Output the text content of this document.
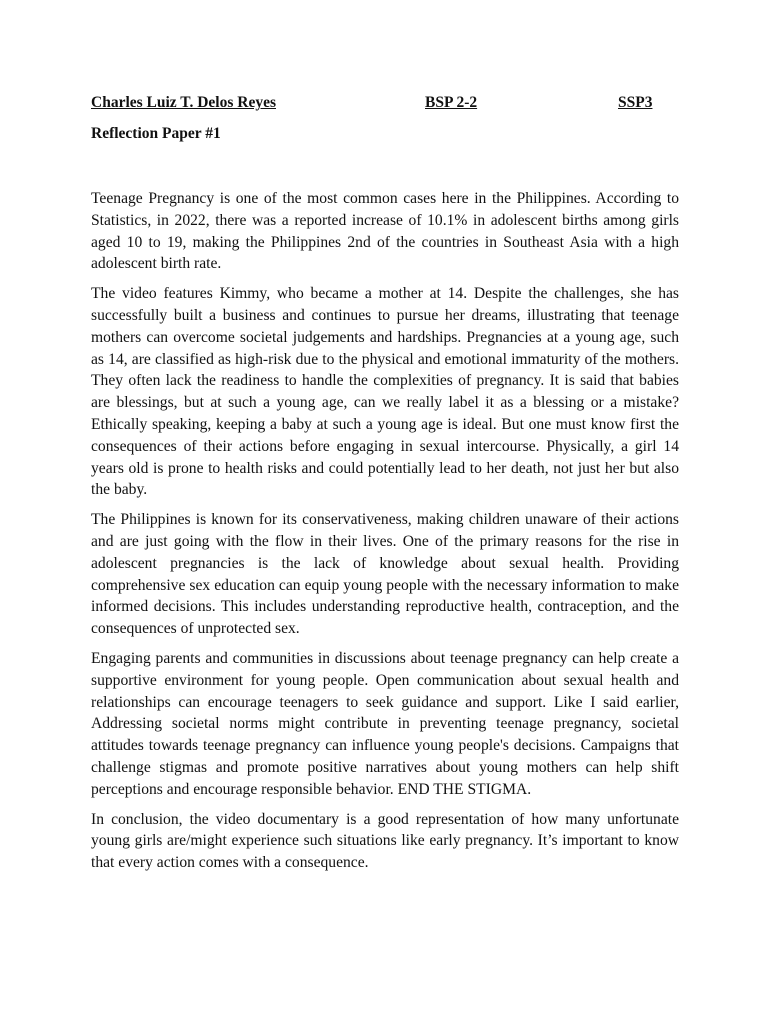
Charles Luiz T. Delos Reyes	BSP 2-2	SSP3
Reflection Paper #1

Teenage Pregnancy is one of the most common cases here in the Philippines. According to Statistics, in 2022, there was a reported increase of 10.1% in adolescent births among girls aged 10 to 19, making the Philippines 2nd of the countries in Southeast Asia with a high adolescent birth rate.

The video features Kimmy, who became a mother at 14. Despite the challenges, she has successfully built a business and continues to pursue her dreams, illustrating that teenage mothers can overcome societal judgements and hardships. Pregnancies at a young age, such as 14, are classified as high-risk due to the physical and emotional immaturity of the mothers. They often lack the readiness to handle the complexities of pregnancy. It is said that babies are blessings, but at such a young age, can we really label it as a blessing or a mistake? Ethically speaking, keeping a baby at such a young age is ideal. But one must know first the consequences of their actions before engaging in sexual intercourse. Physically, a girl 14 years old is prone to health risks and could potentially lead to her death, not just her but also the baby.

The Philippines is known for its conservativeness, making children unaware of their actions and are just going with the flow in their lives. One of the primary reasons for the rise in adolescent pregnancies is the lack of knowledge about sexual health. Providing comprehensive sex education can equip young people with the necessary information to make informed decisions. This includes understanding reproductive health, contraception, and the consequences of unprotected sex.

Engaging parents and communities in discussions about teenage pregnancy can help create a supportive environment for young people. Open communication about sexual health and relationships can encourage teenagers to seek guidance and support. Like I said earlier, Addressing societal norms might contribute in preventing teenage pregnancy, societal attitudes towards teenage pregnancy can influence young people's decisions. Campaigns that challenge stigmas and promote positive narratives about young mothers can help shift perceptions and encourage responsible behavior. END THE STIGMA.

In conclusion, the video documentary is a good representation of how many unfortunate young girls are/might experience such situations like early pregnancy. It’s important to know that every action comes with a consequence.
